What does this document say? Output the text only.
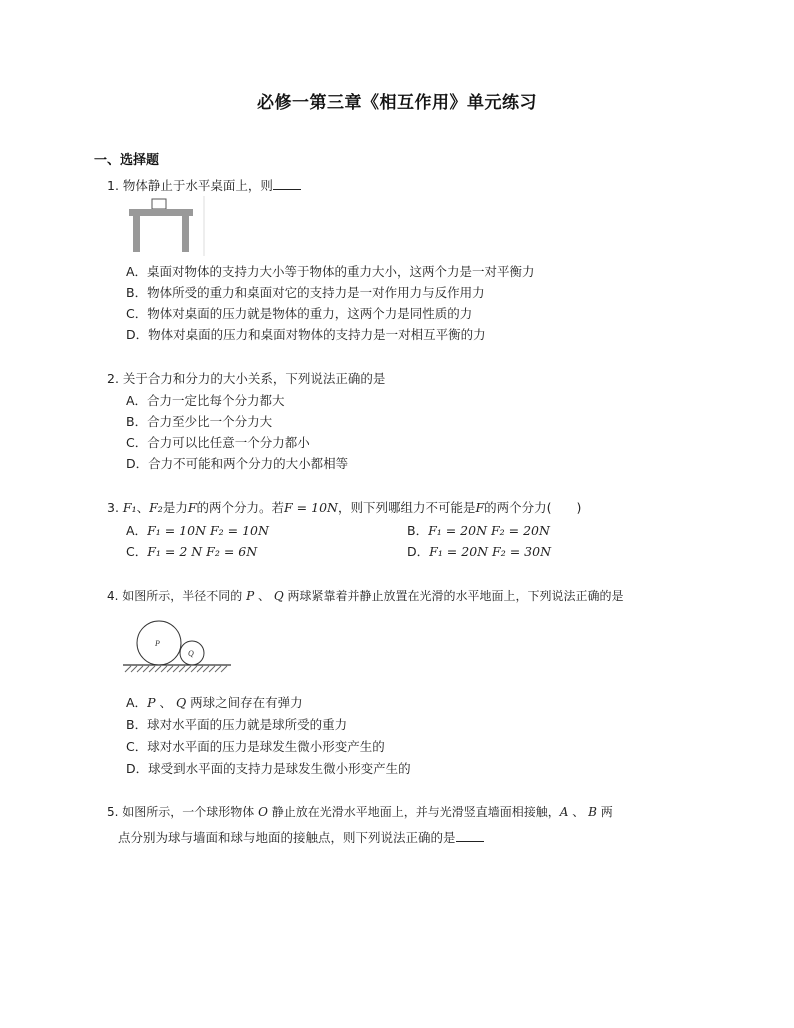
必修一第三章《相互作用》单元练习
一、选择题
1. 物体静止于水平桌面上，则
A．桌面对物体的支持力大小等于物体的重力大小，这两个力是一对平衡力
B．物体所受的重力和桌面对它的支持力是一对作用力与反作用力
C．物体对桌面的压力就是物体的重力，这两个力是同性质的力
D．物体对桌面的压力和桌面对物体的支持力是一对相互平衡的力
2. 关于合力和分力的大小关系，下列说法正确的是
A．合力一定比每个分力都大
B．合力至少比一个分力大
C．合力可以比任意一个分力都小
D．合力不可能和两个分力的大小都相等
3. F₁、F₂是力F的两个分力。若F = 10N，则下列哪组力不可能是F的两个分力(　　)
A．F₁ = 10N F₂ = 10N	B．F₁ = 20N F₂ = 20N
C．F₁ = 2 N F₂ = 6N	D．F₁ = 20N F₂ = 30N
4. 如图所示，半径不同的 P 、 Q 两球紧靠着并静止放置在光滑的水平地面上，下列说法正确的是
P
Q
A．P 、 Q 两球之间存在有弹力
B．球对水平面的压力就是球所受的重力
C．球对水平面的压力是球发生微小形变产生的
D．球受到水平面的支持力是球发生微小形变产生的
5. 如图所示，一个球形物体 O 静止放在光滑水平地面上，并与光滑竖直墙面相接触，A 、 B 两
点分别为球与墙面和球与地面的接触点，则下列说法正确的是
